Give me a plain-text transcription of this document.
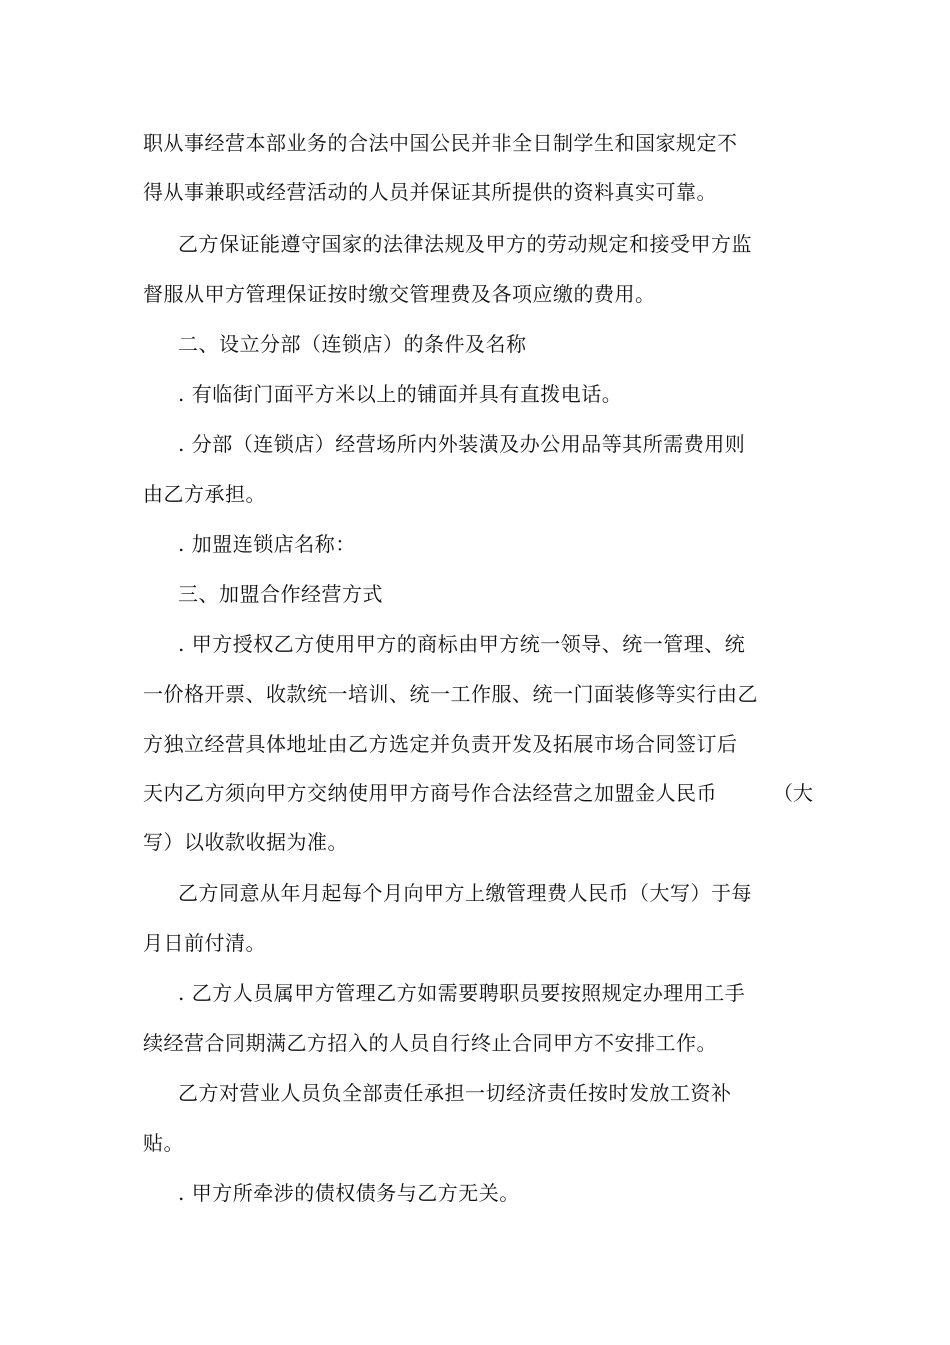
职从事经营本部业务的合法中国公民并非全日制学生和国家规定不
得从事兼职或经营活动的人员并保证其所提供的资料真实可靠。
乙方保证能遵守国家的法律法规及甲方的劳动规定和接受甲方监
督服从甲方管理保证按时缴交管理费及各项应缴的费用。
二、设立分部（连锁店）的条件及名称
. 有临街门面平方米以上的铺面并具有直拨电话。
. 分部（连锁店）经营场所内外装潢及办公用品等其所需费用则
由乙方承担。
. 加盟连锁店名称：
三、加盟合作经营方式
. 甲方授权乙方使用甲方的商标由甲方统一领导、统一管理、统
一价格开票、收款统一培训、统一工作服、统一门面装修等实行由乙
方独立经营具体地址由乙方选定并负责开发及拓展市场合同签订后
天内乙方须向甲方交纳使用甲方商号作合法经营之加盟金人民币	（大
写）以收款收据为准。
乙方同意从年月起每个月向甲方上缴管理费人民币（大写）于每
月日前付清。
. 乙方人员属甲方管理乙方如需要聘职员要按照规定办理用工手
续经营合同期满乙方招入的人员自行终止合同甲方不安排工作。
乙方对营业人员负全部责任承担一切经济责任按时发放工资补
贴。
. 甲方所牵涉的债权债务与乙方无关。
